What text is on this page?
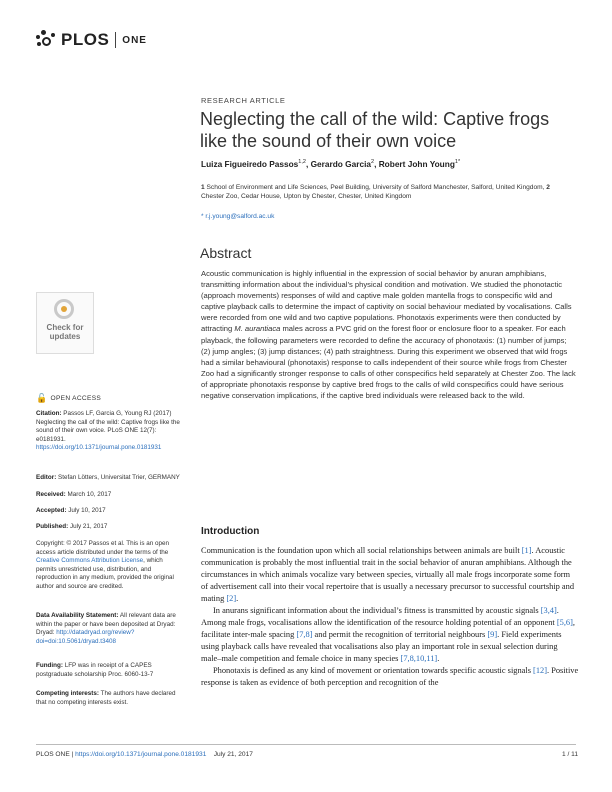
PLOS ONE
RESEARCH ARTICLE
Neglecting the call of the wild: Captive frogs like the sound of their own voice
Luiza Figueiredo Passos$^{1,2}$, Gerardo Garcia$^2$, Robert John Young$^{1*}$
1 School of Environment and Life Sciences, Peel Building, University of Salford Manchester, Salford, United Kingdom, 2 Chester Zoo, Cedar House, Upton by Chester, Chester, United Kingdom
* r.j.young@salford.ac.uk
Abstract
Acoustic communication is highly influential in the expression of social behavior by anuran amphibians, transmitting information about the individual’s physical condition and motivation. We studied the phonotactic (approach movements) responses of wild and captive male golden mantella frogs to conspecific wild and captive playback calls to determine the impact of captivity on social behaviour mediated by vocalisations. Calls were recorded from one wild and two captive populations. Phonotaxis experiments were then conducted by attracting M. aurantiaca males across a PVC grid on the forest floor or enclosure floor to a speaker. For each playback, the following parameters were recorded to define the accuracy of phonotaxis: (1) number of jumps; (2) jump angles; (3) jump distances; (4) path straightness. During this experiment we observed that wild frogs had a similar behavioural (phonotaxis) response to calls independent of their source while frogs from Chester Zoo had a significantly stronger response to calls of other conspecifics held separately at Chester Zoo. The lack of appropriate phonotaxis response by captive bred frogs to the calls of wild conspecifics could have serious negative conservation implications, if the captive bred individuals were released back to the wild.
Check for updates
🔓 OPEN ACCESS
Citation: Passos LF, Garcia G, Young RJ (2017) Neglecting the call of the wild: Captive frogs like the sound of their own voice. PLoS ONE 12(7): e0181931. https://doi.org/10.1371/journal.pone.0181931
Editor: Stefan Lötters, Universitat Trier, GERMANY
Received: March 10, 2017
Accepted: July 10, 2017
Published: July 21, 2017
Copyright: © 2017 Passos et al. This is an open access article distributed under the terms of the Creative Commons Attribution License, which permits unrestricted use, distribution, and reproduction in any medium, provided the original author and source are credited.
Data Availability Statement: All relevant data are within the paper or have been deposited at Dryad: Dryad: http://datadryad.org/review?doi=doi:10.5061/dryad.t3408
Funding: LFP was in receipt of a CAPES postgraduate scholarship Proc. 6060-13-7
Competing interests: The authors have declared that no competing interests exist.
Introduction

Communication is the foundation upon which all social relationships between animals are built [1]. Acoustic communication is probably the most influential trait in the social behavior of anuran amphibians. Although the circumstances in which animals vocalize vary between species, virtually all male frogs incorporate some form of advertisement call into their vocal repertoire that is usually a necessary precursor to successful courtship and mating [2].

In anurans significant information about the individual’s fitness is transmitted by acoustic signals [3,4]. Among male frogs, vocalisations allow the identification of the resource holding potential of an opponent [5,6], facilitate inter-male spacing [7,8] and permit the recognition of territorial neighbours [9]. Field experiments using playback calls have revealed that vocalisations also play an important role in sexual selection during male–male competition and female choice in many species [7,8,10,11].

Phonotaxis is defined as any kind of movement or orientation towards specific acoustic signals [12]. Positive response is taken as evidence of both perception and recognition of the

PLOS ONE | https://doi.org/10.1371/journal.pone.0181931 July 21, 2017	1 / 11
